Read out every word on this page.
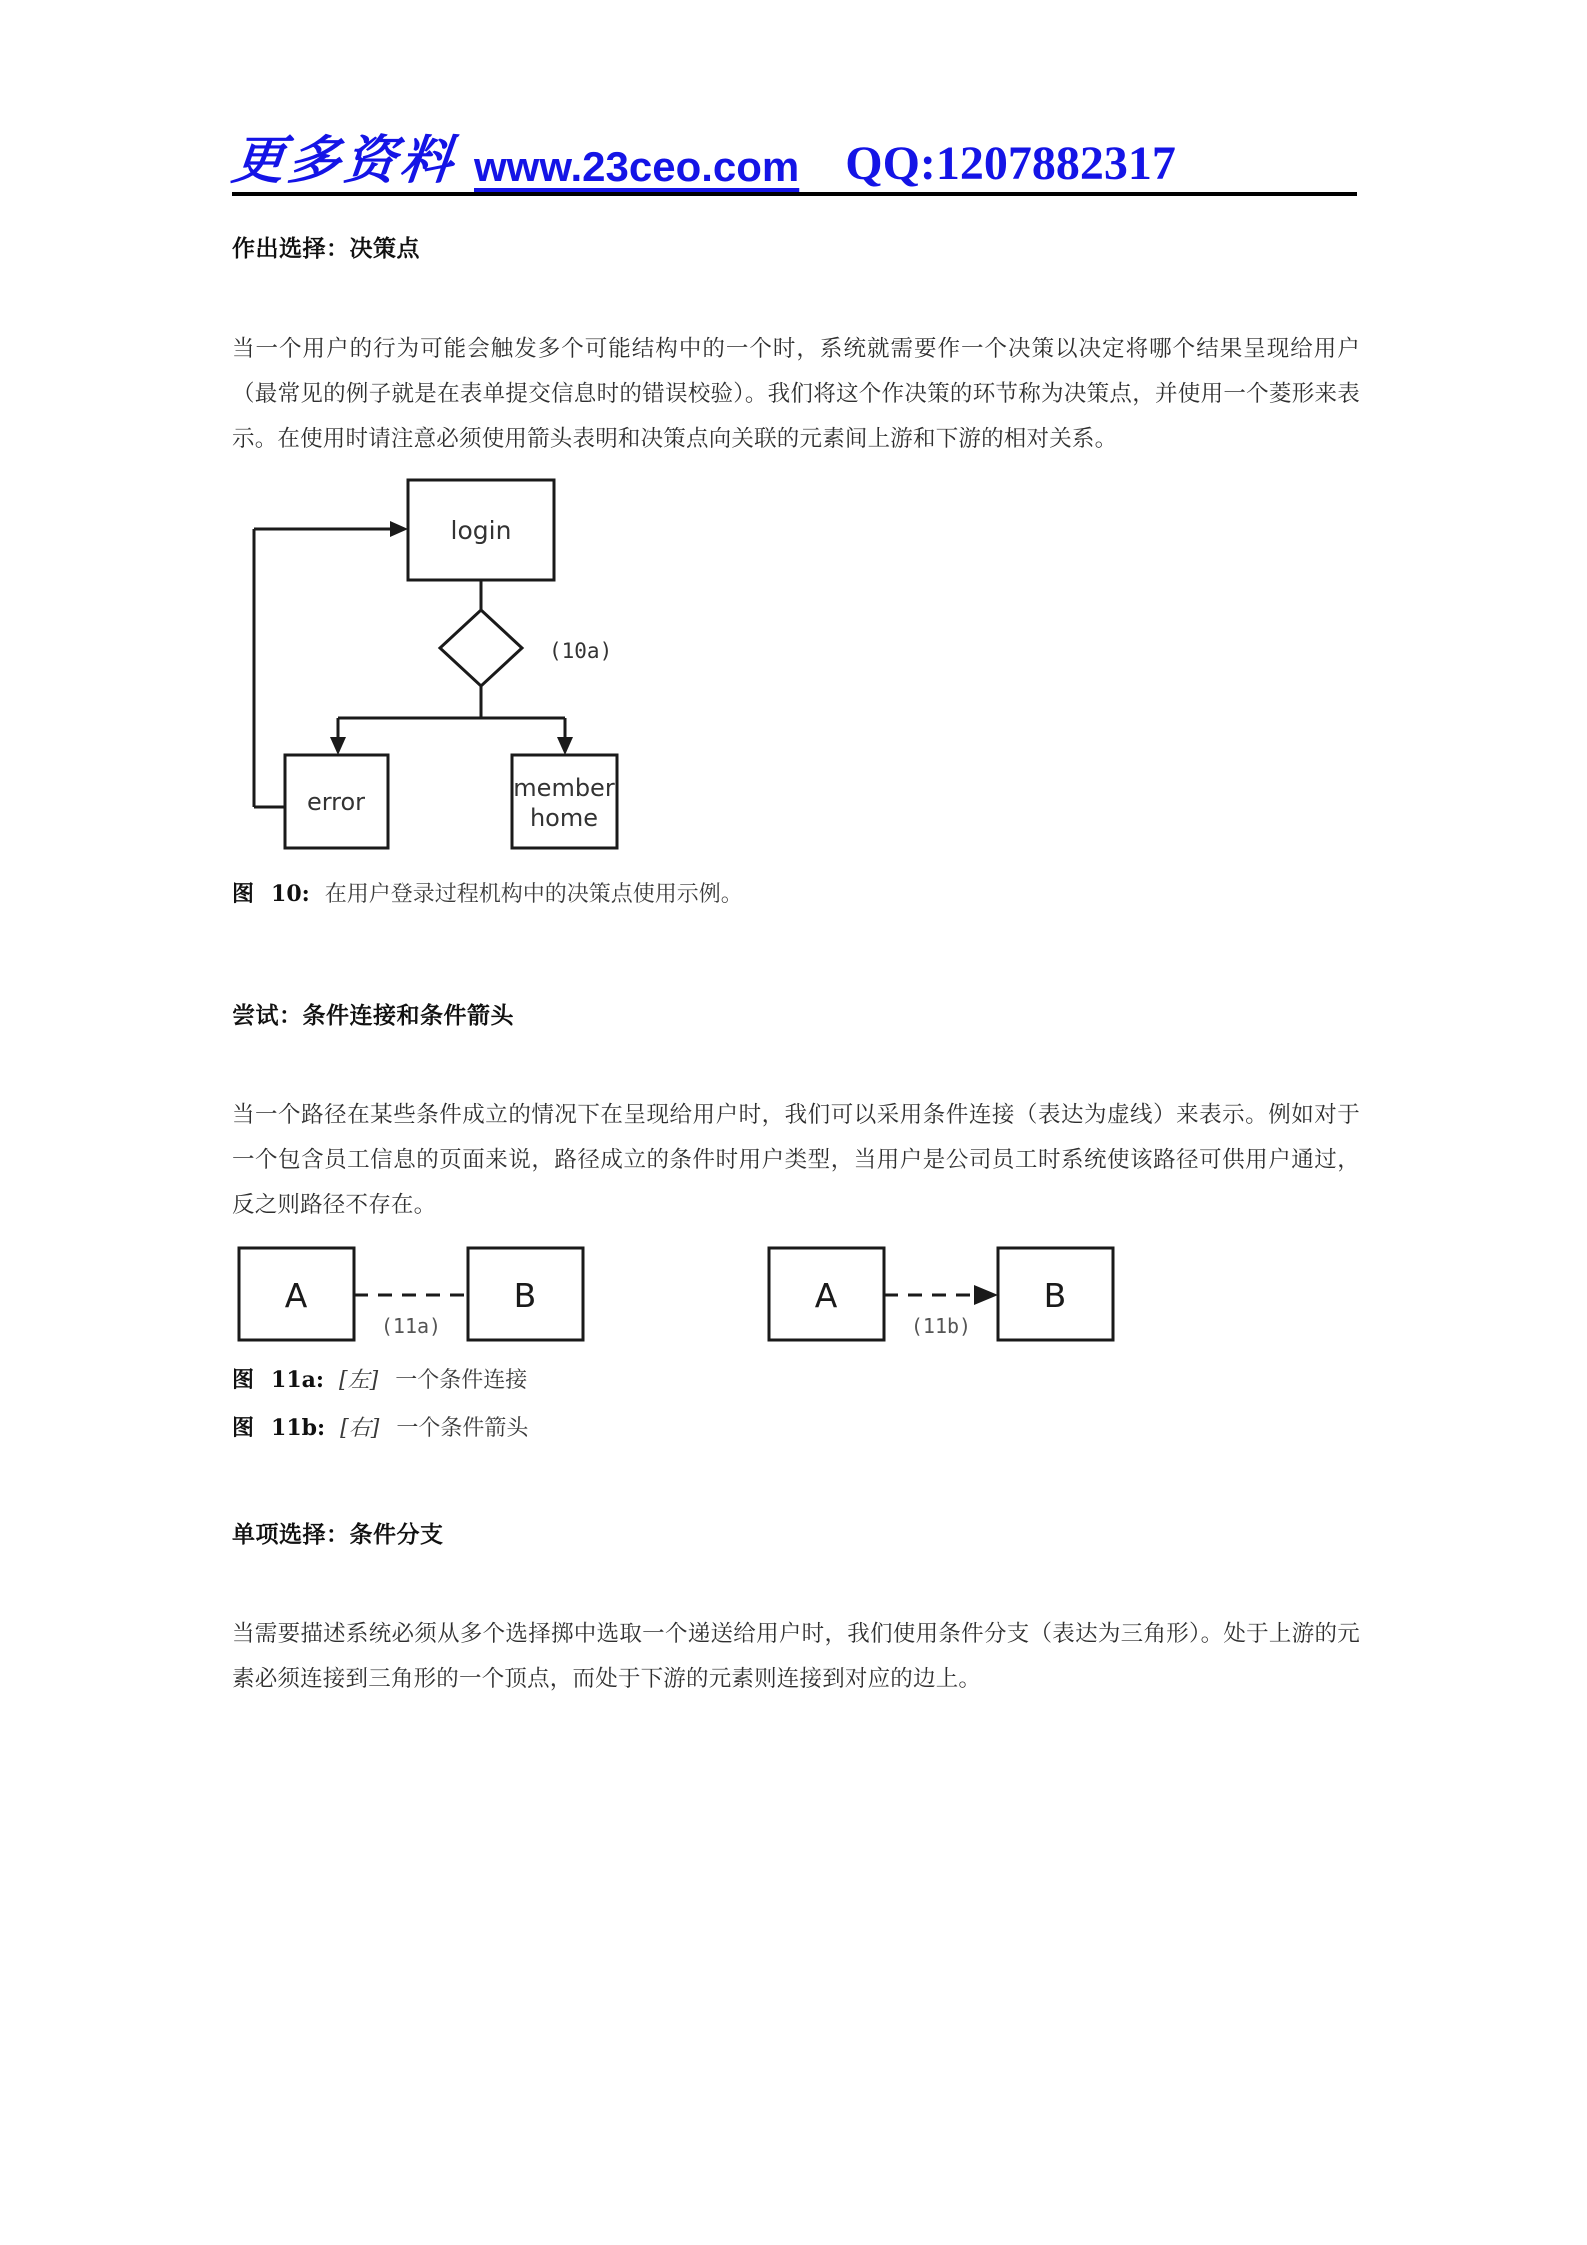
更多资料 www.23ceo.com QQ:1207882317
作出选择：决策点
当一个用户的行为可能会触发多个可能结构中的一个时，系统就需要作一个决策以决定将哪个结果呈现给用户（最常见的例子就是在表单提交信息时的错误校验）。我们将这个作决策的环节称为决策点，并使用一个菱形来表示。在使用时请注意必须使用箭头表明和决策点向关联的元素间上游和下游的相对关系。
login
(10a)
error	member
home
图 10: 在用户登录过程机构中的决策点使用示例。
尝试：条件连接和条件箭头
当一个路径在某些条件成立的情况下在呈现给用户时，我们可以采用条件连接（表达为虚线）来表示。例如对于一个包含员工信息的页面来说，路径成立的条件时用户类型，当用户是公司员工时系统使该路径可供用户通过，反之则路径不存在。
A	B
(11a)
A	B
(11b)
图 11a: [左] 一个条件连接
图 11b: [右] 一个条件箭头
单项选择：条件分支
当需要描述系统必须从多个选择掷中选取一个递送给用户时，我们使用条件分支（表达为三角形）。处于上游的元素必须连接到三角形的一个顶点，而处于下游的元素则连接到对应的边上。
